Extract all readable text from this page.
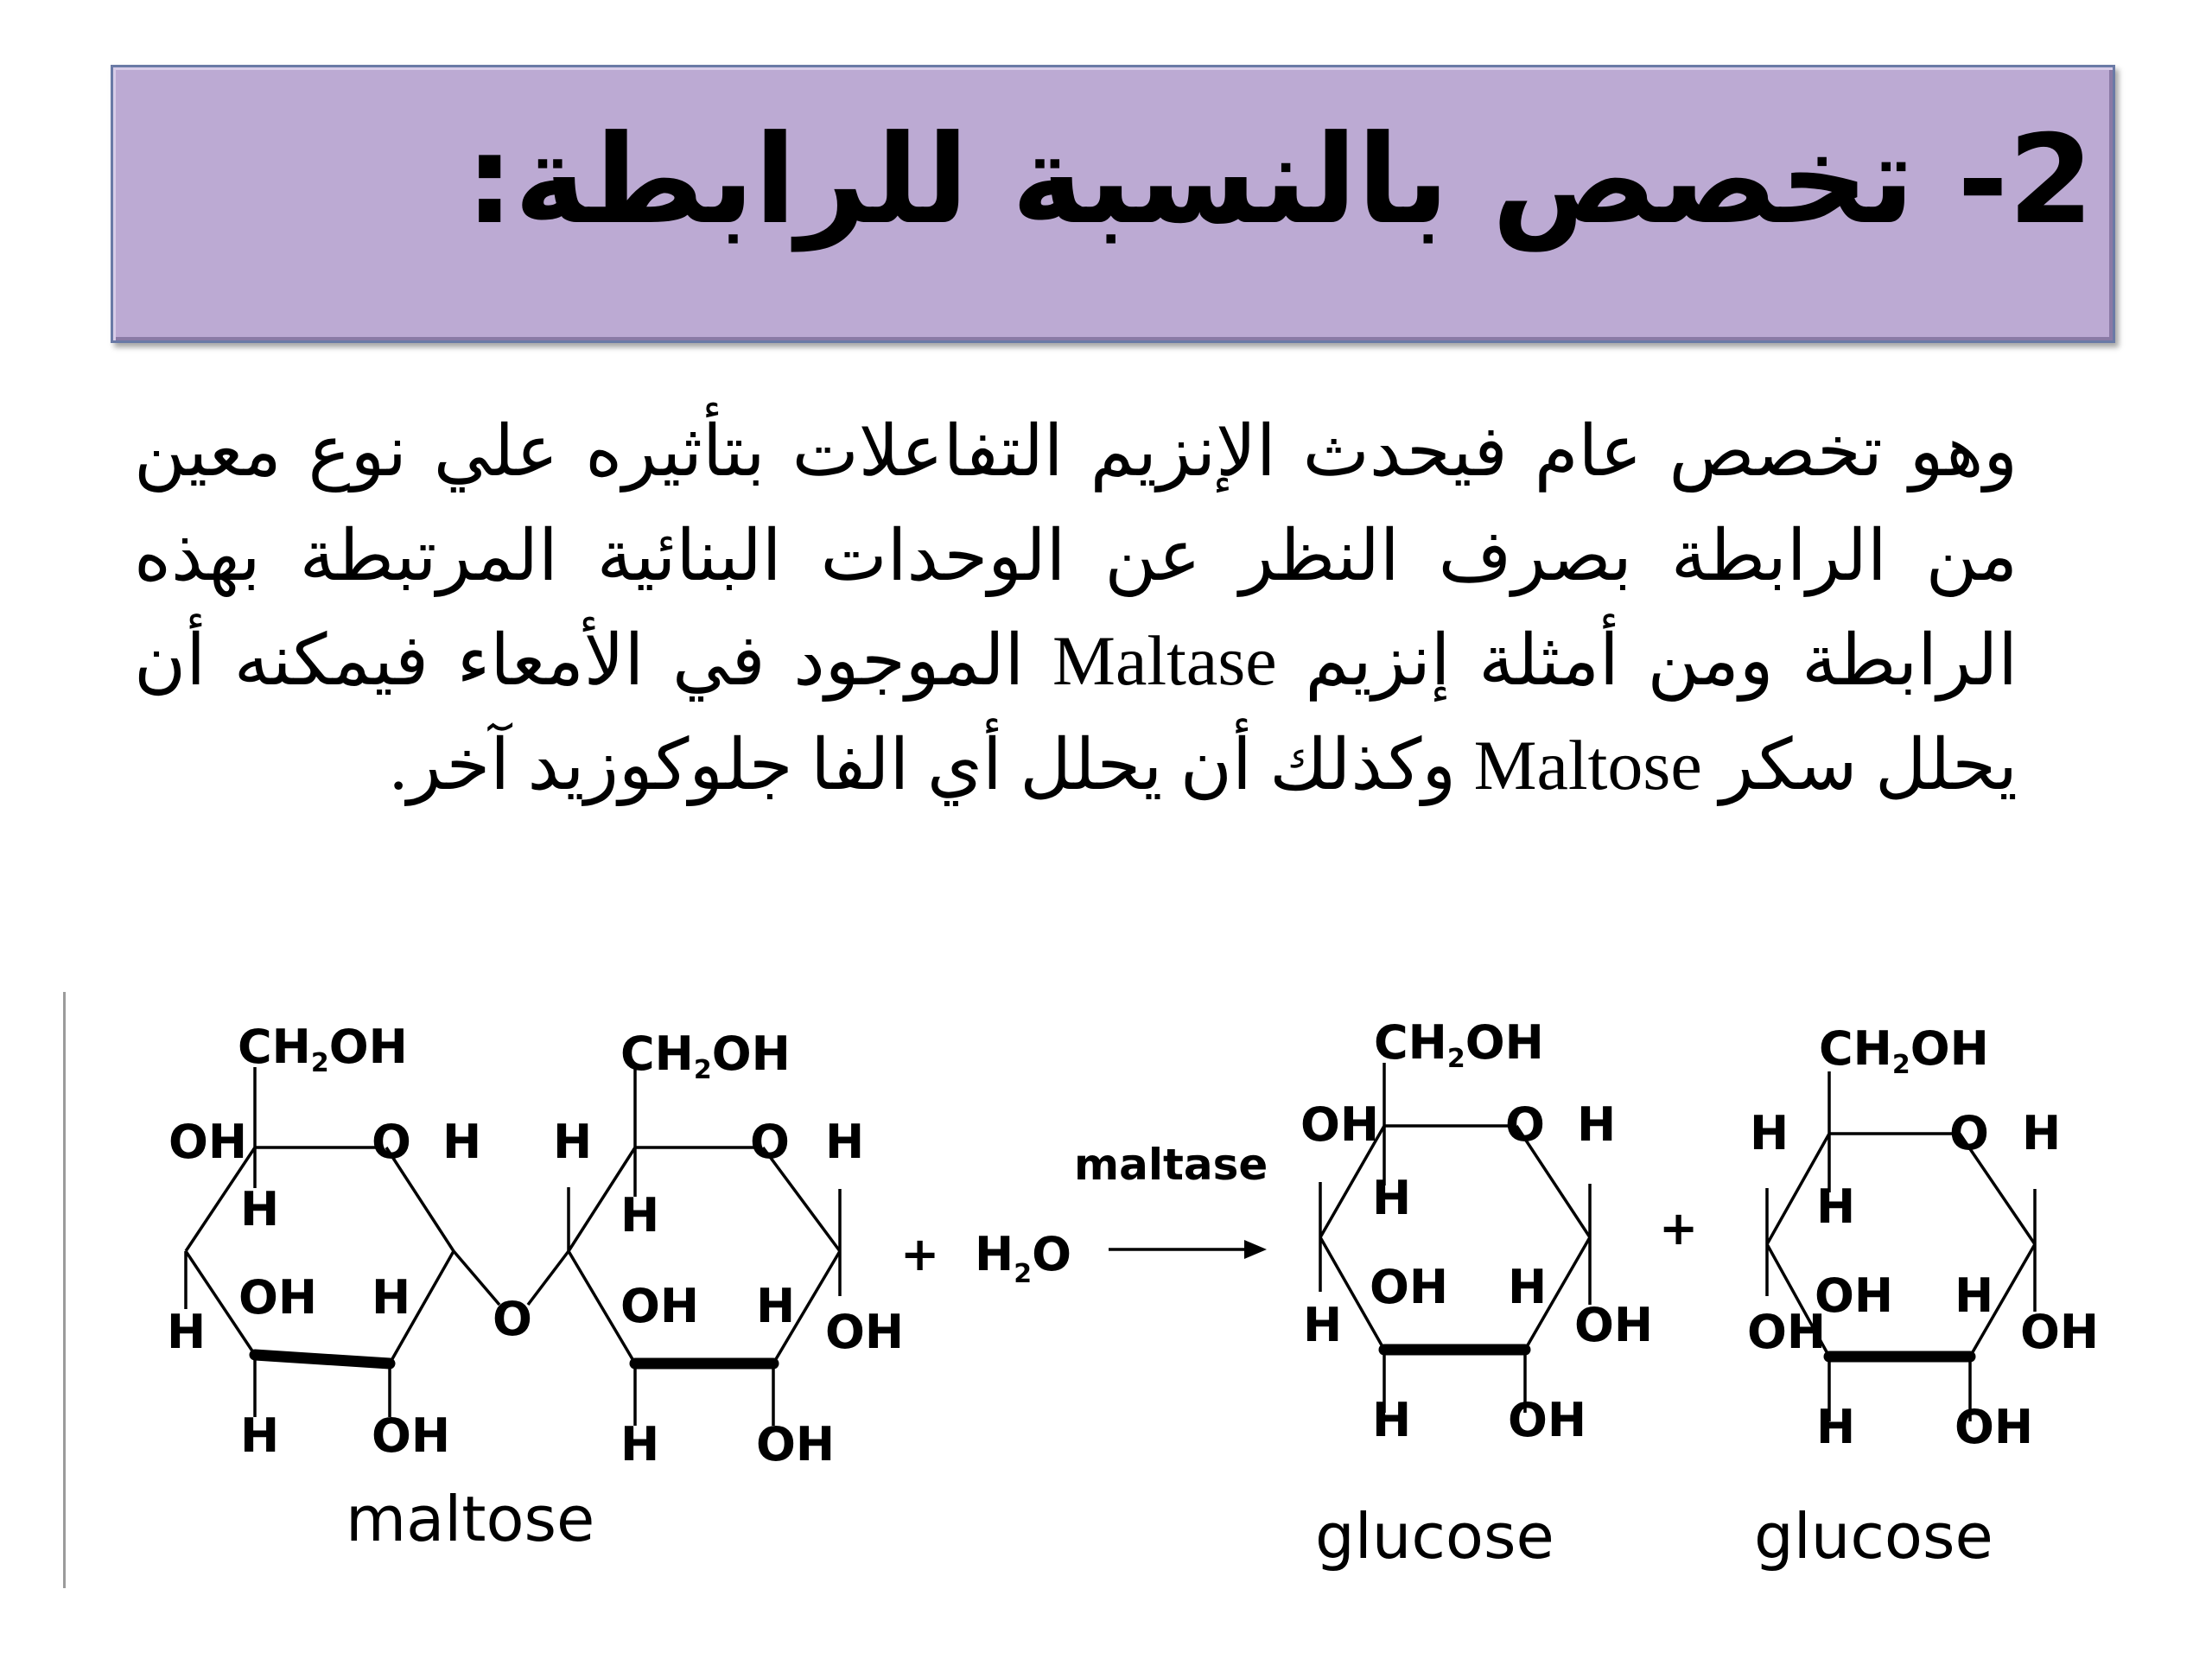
2- تخصص بالنسبة للرابطة:

وهو تخصص عام فيحدث الإنزيم التفاعلات بتأثيره علي نوع معين من الرابطة بصرف النظر عن الوحدات البنائية المرتبطة بهذه الرابطة ومن أمثلة إنزيم Maltase الموجود في الأمعاء فيمكنه أن يحلل سكر Maltose وكذلك أن يحلل أي الفا جلوكوزيد آخر.

CH2OH
OH	O H
H
OH H
H
H OH
O
CH2OH
H	O H
H
OH H OH
H OH
+ $H_2O$
maltase
CH2OH
OH	O H
H
OH H
H	OH
H OH
+
CH2OH
H	O H
H
OH H
OH	OH
H OH
maltose	glucose	glucose
